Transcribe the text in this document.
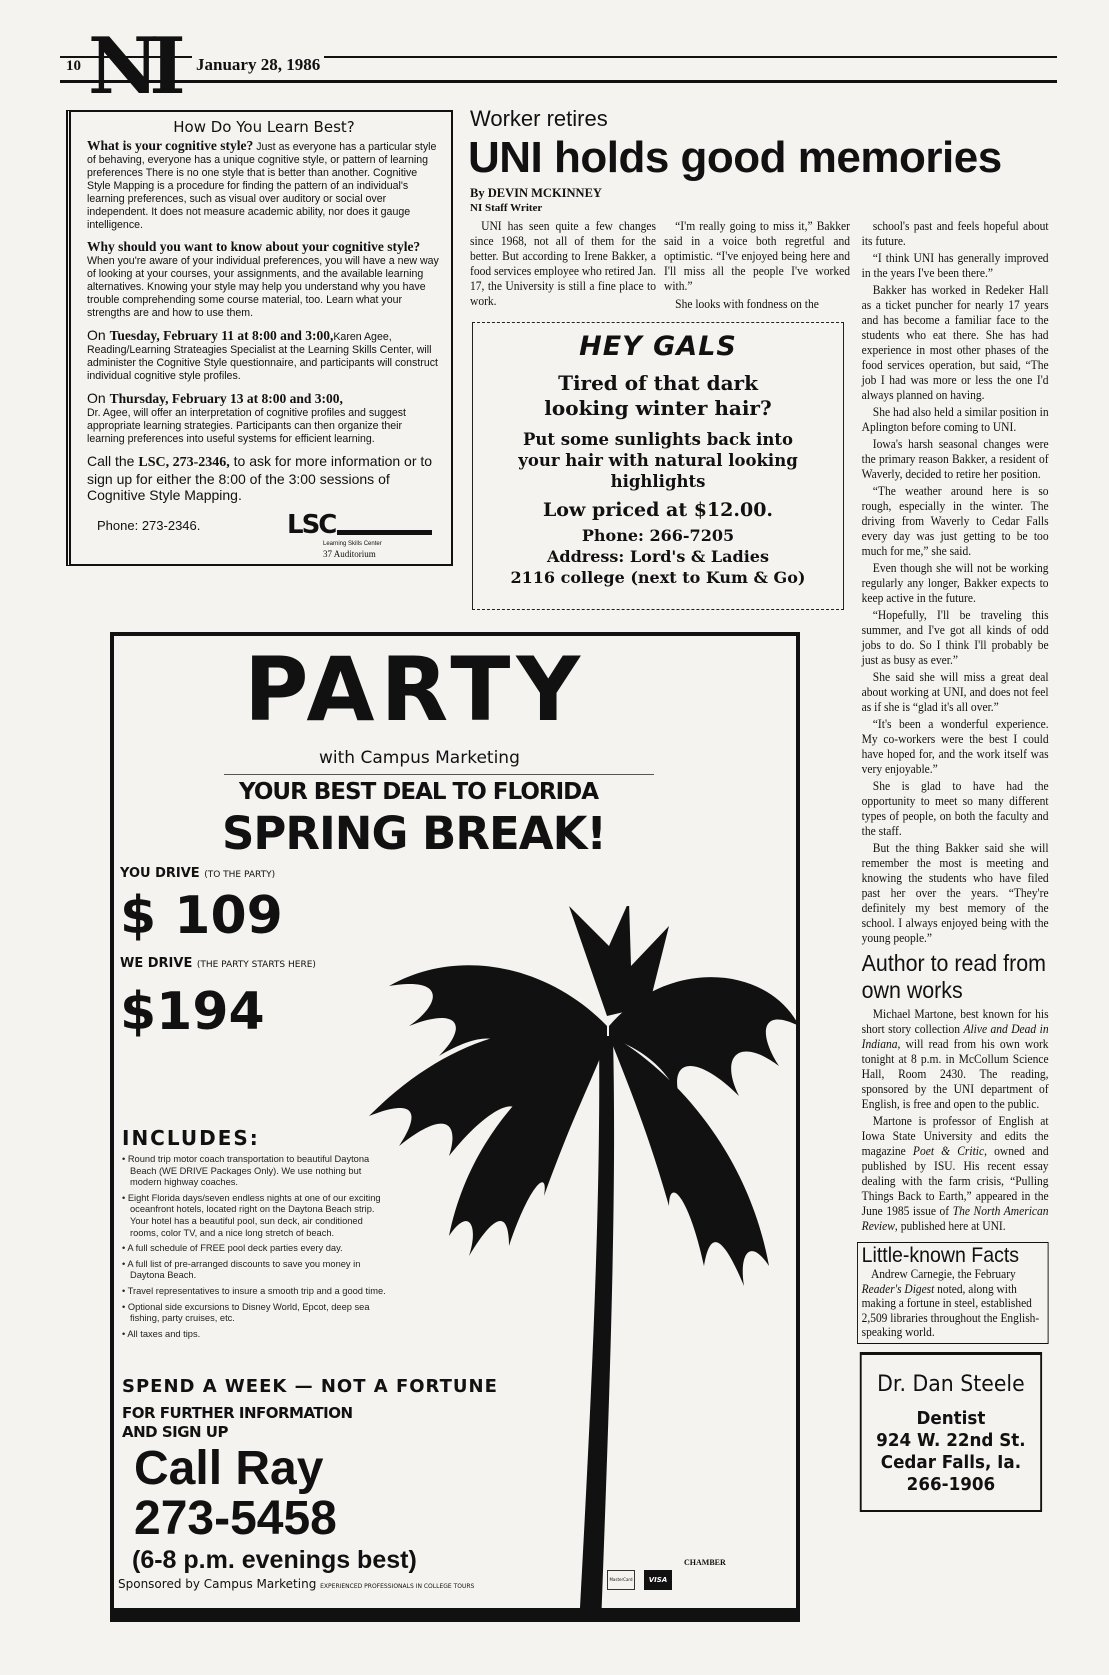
NI
10	January 28, 1986
How Do You Learn Best?

What is your cognitive style? Just as everyone has a particular style of behaving, everyone has a unique cognitive style, or pattern of learning preferences There is no one style that is better than another. Cognitive Style Mapping is a procedure for finding the pattern of an individual's learning preferences, such as visual over auditory or social over independent. It does not measure academic ability, nor does it gauge intelligence.

Why should you want to know about your cognitive style?
When you're aware of your individual preferences, you will have a new way of looking at your courses, your assignments, and the available learning alternatives. Knowing your style may help you understand why you have trouble comprehending some course material, too. Learn what your strengths are and how to use them.

On Tuesday, February 11 at 8:00 and 3:00,Karen Agee, Reading/Learning Strateagies Specialist at the Learning Skills Center, will administer the Cognitive Style questionnaire, and participants will construct individual cognitive style profiles.

On Thursday, February 13 at 8:00 and 3:00,
Dr. Agee, will offer an interpretation of cognitive profiles and suggest appropriate learning strategies. Participants can then organize their learning preferences into useful systems for efficient learning.

Call the LSC, 273-2346, to ask for more information or to sign up for either the 8:00 of the 3:00 sessions of Cognitive Style Mapping.

Phone: 273-2346.	LSC
Learning Skills Center
37 Auditorium
Worker retires
UNI holds good memories
By DEVIN MCKINNEY
NI Staff Writer

UNI has seen quite a few changes since 1968, not all of them for the better. But according to Irene Bakker, a food services employee who retired Jan. 17, the University is still a fine place to work.

“I'm really going to miss it,” Bakker said in a voice both regretful and optimistic. “I've enjoyed being here and I'll miss all the people I've worked with.”

She looks with fondness on the

school's past and feels hopeful about its future.

“I think UNI has generally improved in the years I've been there.”

Bakker has worked in Redeker Hall as a ticket puncher for nearly 17 years and has become a familiar face to the students who eat there. She has had experience in most other phases of the food services operation, but said, “The job I had was more or less the one I'd always planned on having.

She had also held a similar position in Aplington before coming to UNI.

Iowa's harsh seasonal changes were the primary reason Bakker, a resident of Waverly, decided to retire her position.

“The weather around here is so rough, especially in the winter. The driving from Waverly to Cedar Falls every day was just getting to be too much for me,” she said.

Even though she will not be working regularly any longer, Bakker expects to keep active in the future.

“Hopefully, I'll be traveling this summer, and I've got all kinds of odd jobs to do. So I think I'll probably be just as busy as ever.”

She said she will miss a great deal about working at UNI, and does not feel as if she is “glad it's all over.”

“It's been a wonderful experience. My co-workers were the best I could have hoped for, and the work itself was very enjoyable.”

She is glad to have had the opportunity to meet so many different types of people, on both the faculty and the staff.

But the thing Bakker said she will remember the most is meeting and knowing the students who have filed past her over the years. “They're definitely my best memory of the school. I always enjoyed being with the young people.”

Author to read from own works

Michael Martone, best known for his short story collection Alive and Dead in Indiana, will read from his own work tonight at 8 p.m. in McCollum Science Hall, Room 2430. The reading, sponsored by the UNI department of English, is free and open to the public.

Martone is professor of English at Iowa State University and edits the magazine Poet & Critic, owned and published by ISU. His recent essay dealing with the farm crisis, “Pulling Things Back to Earth,” appeared in the June 1985 issue of The North American Review, published here at UNI.

Little-known Facts

Andrew Carnegie, the February Reader's Digest noted, along with making a fortune in steel, established 2,509 libraries throughout the English-speaking world.

Dr. Dan Steele
Dentist
924 W. 22nd St.
Cedar Falls, Ia.
266-1906
HEY GALS
Tired of that dark looking winter hair?
Put some sunlights back into your hair with natural looking highlights
Low priced at $12.00.
Phone: 266-7205
Address: Lord's & Ladies
2116 college (next to Kum & Go)
PARTY
with Campus Marketing
YOUR BEST DEAL TO FLORIDA
SPRING BREAK!
YOU DRIVE (TO THE PARTY)
$ 109
WE DRIVE (THE PARTY STARTS HERE)
$194
INCLUDES:
• Round trip motor coach transportation to beautiful Daytona Beach (WE DRIVE Packages Only). We use nothing but modern highway coaches.
• Eight Florida days/seven endless nights at one of our exciting oceanfront hotels, located right on the Daytona Beach strip. Your hotel has a beautiful pool, sun deck, air conditioned rooms, color TV, and a nice long stretch of beach.
• A full schedule of FREE pool deck parties every day.
• A full list of pre-arranged discounts to save you money in Daytona Beach.
• Travel representatives to insure a smooth trip and a good time.
• Optional side excursions to Disney World, Epcot, deep sea fishing, party cruises, etc.
• All taxes and tips.
SPEND A WEEK — NOT A FORTUNE
FOR FURTHER INFORMATION
AND SIGN UP
Call Ray
273-5458
(6-8 p.m. evenings best)
Sponsored by Campus Marketing EXPERIENCED PROFESSIONALS IN COLLEGE TOURS
MasterCard	VISA
CHAMBER
